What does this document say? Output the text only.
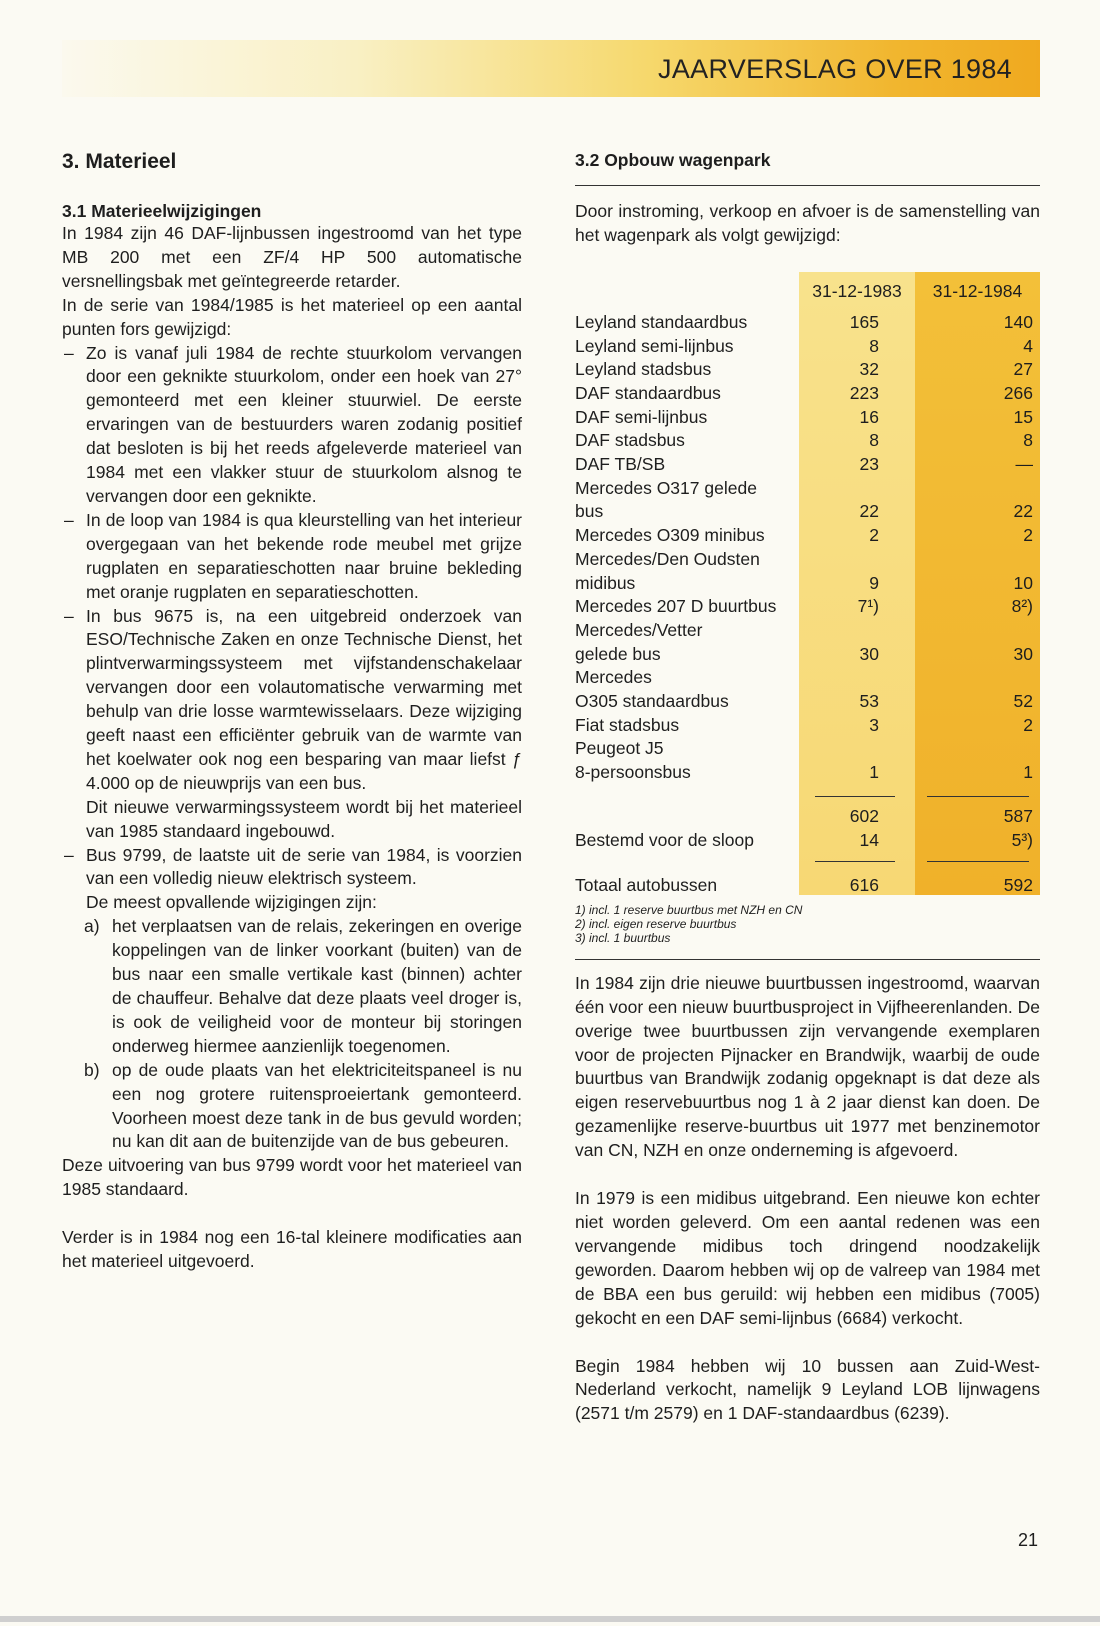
JAARVERSLAG OVER 1984
3. Materieel
3.1 Materieelwijzigingen

In 1984 zijn 46 DAF-lijnbussen ingestroomd van het type MB 200 met een ZF/4 HP 500 automatische versnellingsbak met geïntegreerde retarder.

In de serie van 1984/1985 is het materieel op een aantal punten fors gewijzigd:

– Zo is vanaf juli 1984 de rechte stuurkolom vervangen door een geknikte stuurkolom, onder een hoek van 27° gemonteerd met een kleiner stuurwiel. De eerste ervaringen van de bestuurders waren zodanig positief dat besloten is bij het reeds afgeleverde materieel van 1984 met een vlakker stuur de stuurkolom alsnog te vervangen door een geknikte.
– In de loop van 1984 is qua kleurstelling van het interieur overgegaan van het bekende rode meubel met grijze rugplaten en separatieschotten naar bruine bekleding met oranje rugplaten en separatieschotten.
– In bus 9675 is, na een uitgebreid onderzoek van ESO/Technische Zaken en onze Technische Dienst, het plintverwarmingssysteem met vijfstandenschakelaar vervangen door een volautomatische verwarming met behulp van drie losse warmtewisselaars. Deze wijziging geeft naast een efficiënter gebruik van de warmte van het koelwater ook nog een besparing van maar liefst ƒ 4.000 op de nieuwprijs van een bus.
Dit nieuwe verwarmingssysteem wordt bij het materieel van 1985 standaard ingebouwd.
– Bus 9799, de laatste uit de serie van 1984, is voorzien van een volledig nieuw elektrisch systeem.
De meest opvallende wijzigingen zijn:
a) het verplaatsen van de relais, zekeringen en overige koppelingen van de linker voorkant (buiten) van de bus naar een smalle vertikale kast (binnen) achter de chauffeur. Behalve dat deze plaats veel droger is, is ook de veiligheid voor de monteur bij storingen onderweg hiermee aanzienlijk toegenomen.
b) op de oude plaats van het elektriciteitspaneel is nu een nog grotere ruitensproeiertank gemonteerd. Voorheen moest deze tank in de bus gevuld worden; nu kan dit aan de buitenzijde van de bus gebeuren.

Deze uitvoering van bus 9799 wordt voor het materieel van 1985 standaard.

Verder is in 1984 nog een 16-tal kleinere modificaties aan het materieel uitgevoerd.

3.2 Opbouw wagenpark
Door instroming, verkoop en afvoer is de samenstelling van het wagenpark als volgt gewijzigd:
31-12-1983	31-12-1984
Leyland standaardbus	165	140
Leyland semi-lijnbus	8	4
Leyland stadsbus	32	27
DAF standaardbus	223	266
DAF semi-lijnbus	16	15
DAF stadsbus	8	8
DAF TB/SB	23	—
Mercedes O317 gelede
bus	22	22
Mercedes O309 minibus	2	2
Mercedes/Den Oudsten
midibus	9	10
Mercedes 207 D buurtbus	7¹)	8²)
Mercedes/Vetter
gelede bus	30	30
Mercedes
O305 standaardbus	53	52
Fiat stadsbus	3	2
Peugeot J5
8-persoonsbus	1	1
602	587
Bestemd voor de sloop	14	5³)
Totaal autobussen	616	592
1) incl. 1 reserve buurtbus met NZH en CN
2) incl. eigen reserve buurtbus
3) incl. 1 buurtbus

In 1984 zijn drie nieuwe buurtbussen ingestroomd, waarvan één voor een nieuw buurtbusproject in Vijfheerenlanden. De overige twee buurtbussen zijn vervangende exemplaren voor de projecten Pijnacker en Brandwijk, waarbij de oude buurtbus van Brandwijk zodanig opgeknapt is dat deze als eigen reservebuurtbus nog 1 à 2 jaar dienst kan doen. De gezamenlijke reserve-buurtbus uit 1977 met benzinemotor van CN, NZH en onze onderneming is afgevoerd.

In 1979 is een midibus uitgebrand. Een nieuwe kon echter niet worden geleverd. Om een aantal redenen was een vervangende midibus toch dringend noodzakelijk geworden. Daarom hebben wij op de valreep van 1984 met de BBA een bus geruild: wij hebben een midibus (7005) gekocht en een DAF semi-lijnbus (6684) verkocht.

Begin 1984 hebben wij 10 bussen aan Zuid-West-Nederland verkocht, namelijk 9 Leyland LOB lijnwagens (2571 t/m 2579) en 1 DAF-standaardbus (6239).

21
